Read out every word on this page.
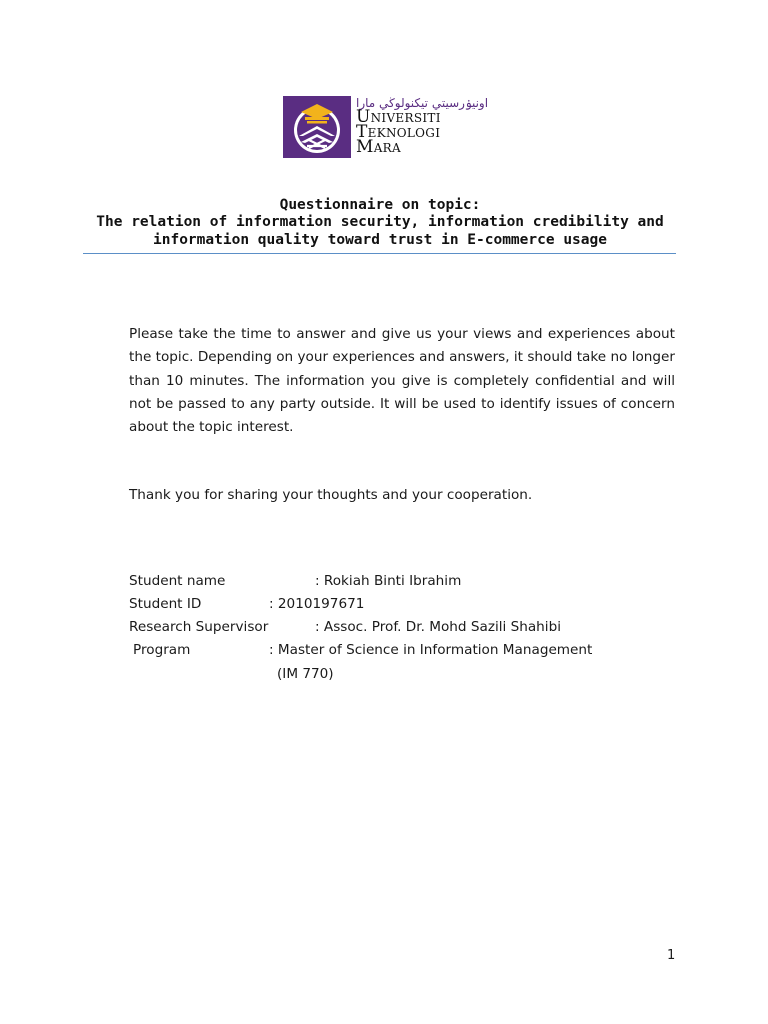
اونيۏرسيتي تيكنولوڬي مارا
Universiti
Teknologi
Mara
Questionnaire on topic:
The relation of information security, information credibility and
information quality toward trust in E-commerce usage
Please take the time to answer and give us your views and experiences about the topic. Depending on your experiences and answers, it should take no longer than 10 minutes. The information you give is completely confidential and will not be passed to any party outside. It will be used to identify issues of concern about the topic interest.
Thank you for sharing your thoughts and your cooperation.
Student name	: Rokiah Binti Ibrahim
Student ID	: 2010197671
Research Supervisor	: Assoc. Prof. Dr. Mohd Sazili Shahibi
Program	: Master of Science in Information Management
(IM 770)
1
